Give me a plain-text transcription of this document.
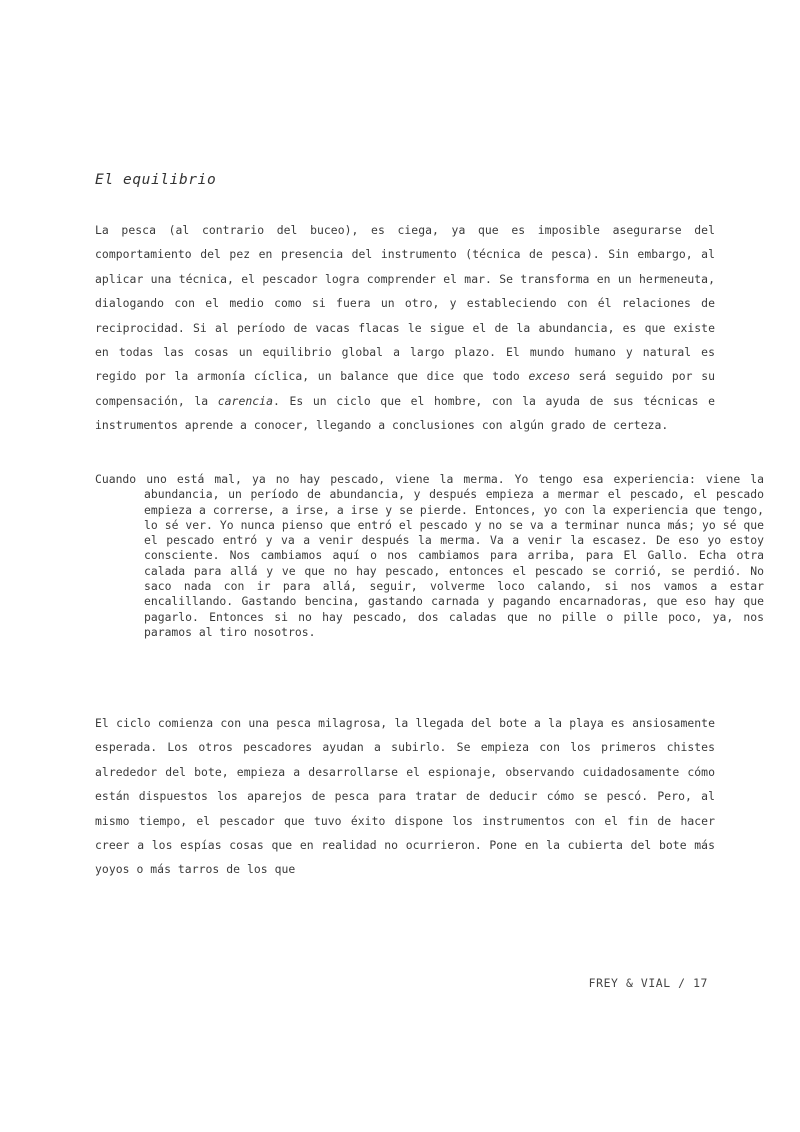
El equilibrio

La pesca (al contrario del buceo), es ciega, ya que es imposible asegurarse del comportamiento del pez en presencia del instrumento (técnica de pesca). Sin embargo, al aplicar una técnica, el pescador logra comprender el mar. Se transforma en un hermeneuta, dialogando con el medio como si fuera un otro, y estableciendo con él relaciones de reciprocidad. Si al período de vacas flacas le sigue el de la abundancia, es que existe en todas las cosas un equilibrio global a largo plazo. El mundo humano y natural es regido por la armonía cíclica, un balance que dice que todo exceso será seguido por su compensación, la carencia. Es un ciclo que el hombre, con la ayuda de sus técnicas e instrumentos aprende a conocer, llegando a conclusiones con algún grado de certeza.

Cuando uno está mal, ya no hay pescado, viene la merma. Yo tengo esa experiencia: viene la abundancia, un período de abundancia, y después empieza a mermar el pescado, el pescado empieza a correrse, a irse, a irse y se pierde. Entonces, yo con la experiencia que tengo, lo sé ver. Yo nunca pienso que entró el pescado y no se va a terminar nunca más; yo sé que el pescado entró y va a venir después la merma. Va a venir la escasez. De eso yo estoy consciente. Nos cambiamos aquí o nos cambiamos para arriba, para El Gallo. Echa otra calada para allá y ve que no hay pescado, entonces el pescado se corrió, se perdió. No saco nada con ir para allá, seguir, volverme loco calando, si nos vamos a estar encalillando. Gastando bencina, gastando carnada y pagando encarnadoras, que eso hay que pagarlo. Entonces si no hay pescado, dos caladas que no pille o pille poco, ya, nos paramos al tiro nosotros.

El ciclo comienza con una pesca milagrosa, la llegada del bote a la playa es ansiosamente esperada. Los otros pescadores ayudan a subirlo. Se empieza con los primeros chistes alrededor del bote, empieza a desarrollarse el espionaje, observando cuidadosamente cómo están dispuestos los aparejos de pesca para tratar de deducir cómo se pescó. Pero, al mismo tiempo, el pescador que tuvo éxito dispone los instrumentos con el fin de hacer creer a los espías cosas que en realidad no ocurrieron. Pone en la cubierta del bote más yoyos o más tarros de los que

FREY & VIAL / 17
